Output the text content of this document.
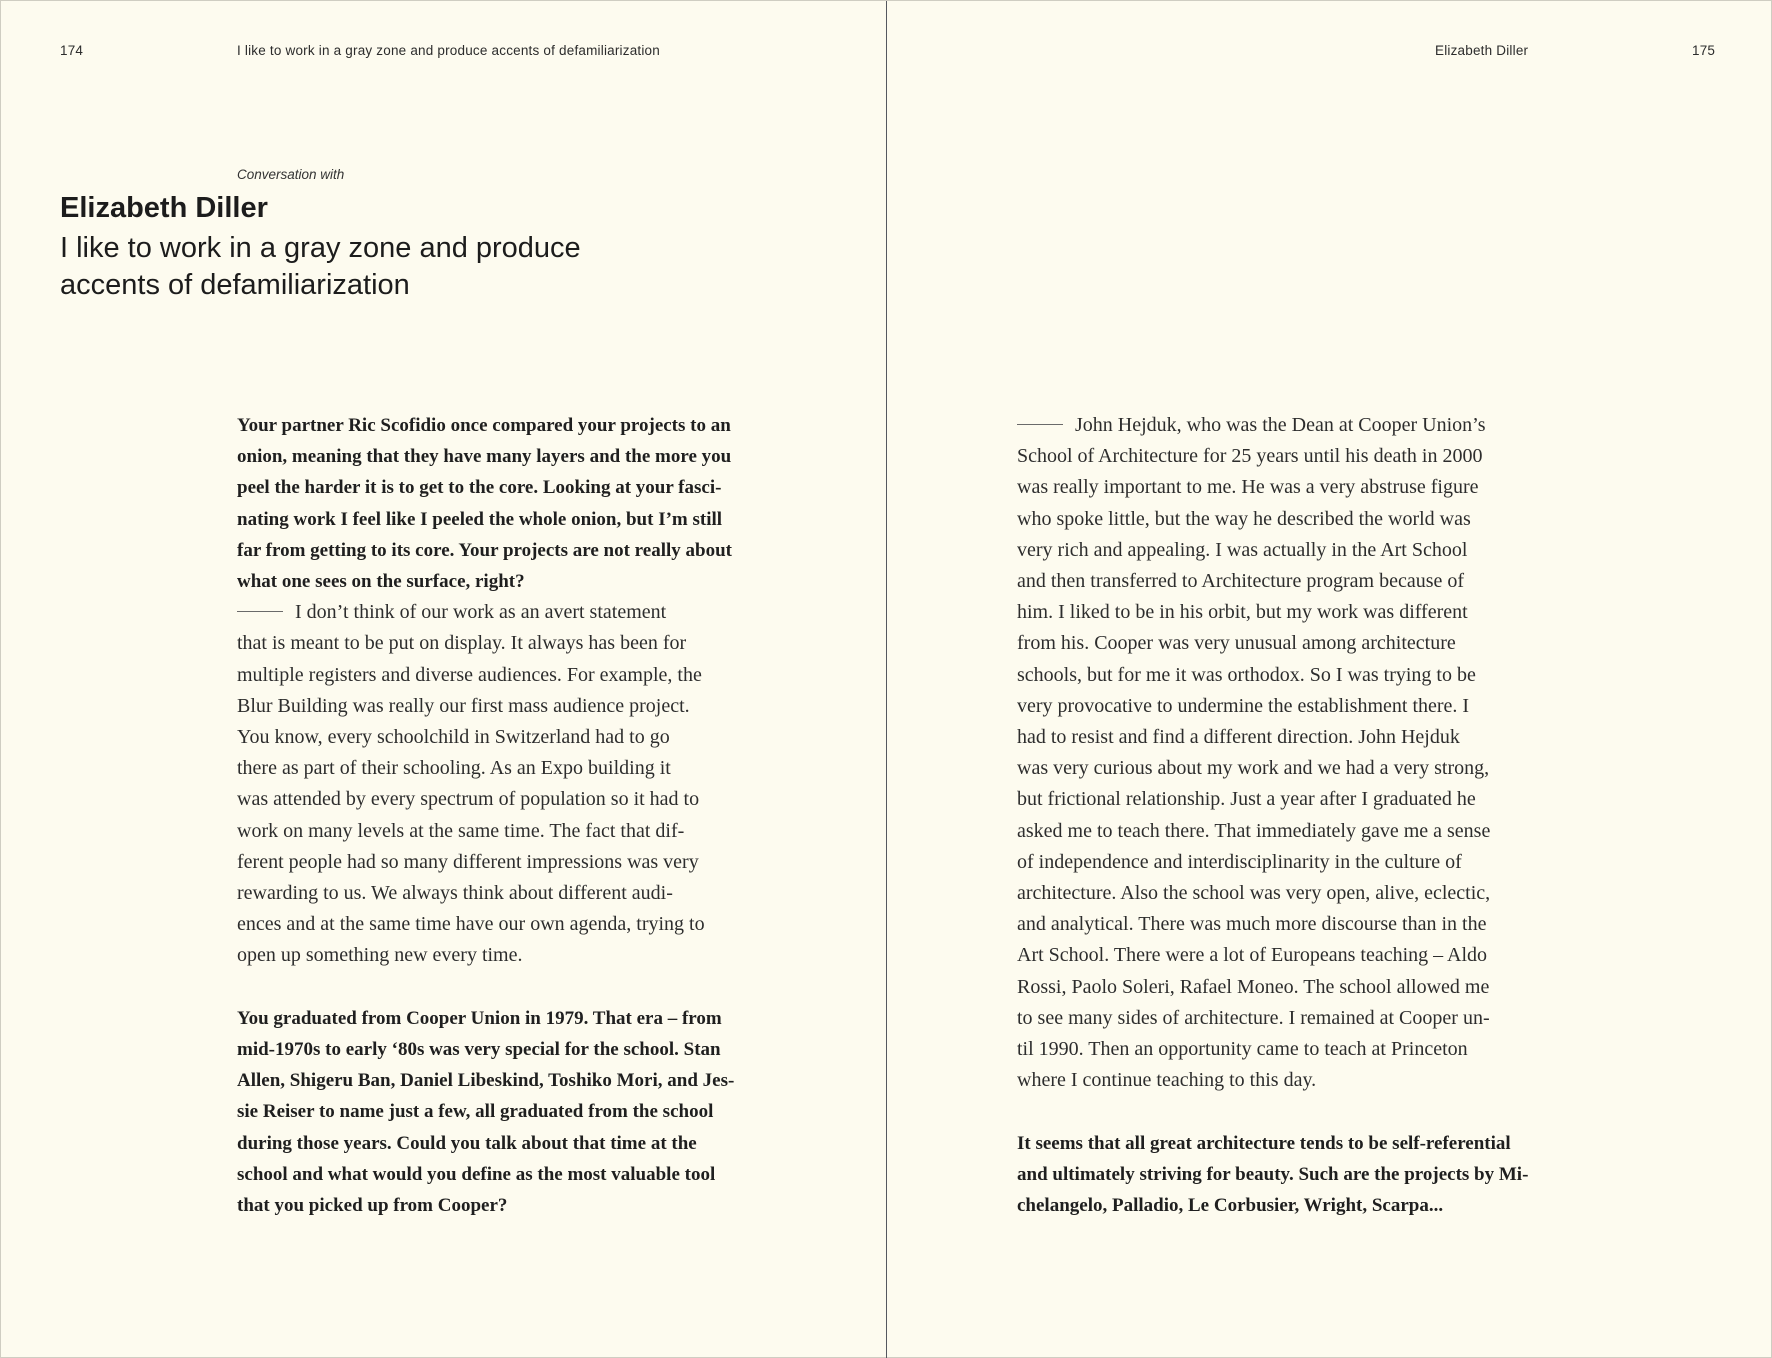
174	I like to work in a gray zone and produce accents of defamiliarization
Conversation with
Elizabeth Diller
I like to work in a gray zone and produce
accents of defamiliarization

Your partner Ric Scofidio once compared your projects to an
onion, meaning that they have many layers and the more you
peel the harder it is to get to the core. Looking at your fasci-
nating work I feel like I peeled the whole onion, but I’m still
far from getting to its core. Your projects are not really about
what one sees on the surface, right?

I don’t think of our work as an avert statement
that is meant to be put on display. It always has been for
multiple registers and diverse audiences. For example, the
Blur Building was really our first mass audience project.
You know, every schoolchild in Switzerland had to go
there as part of their schooling. As an Expo building it
was attended by every spectrum of population so it had to
work on many levels at the same time. The fact that dif-
ferent people had so many different impressions was very
rewarding to us. We always think about different audi-
ences and at the same time have our own agenda, trying to
open up something new every time.

You graduated from Cooper Union in 1979. That era – from
mid-1970s to early ‘80s was very special for the school. Stan
Allen, Shigeru Ban, Daniel Libeskind, Toshiko Mori, and Jes-
sie Reiser to name just a few, all graduated from the school
during those years. Could you talk about that time at the
school and what would you define as the most valuable tool
that you picked up from Cooper?

Elizabeth Diller	175

John Hejduk, who was the Dean at Cooper Union’s
School of Architecture for 25 years until his death in 2000
was really important to me. He was a very abstruse figure
who spoke little, but the way he described the world was
very rich and appealing. I was actually in the Art School
and then transferred to Architecture program because of
him. I liked to be in his orbit, but my work was different
from his. Cooper was very unusual among architecture
schools, but for me it was orthodox. So I was trying to be
very provocative to undermine the establishment there. I
had to resist and find a different direction. John Hejduk
was very curious about my work and we had a very strong,
but frictional relationship. Just a year after I graduated he
asked me to teach there. That immediately gave me a sense
of independence and interdisciplinarity in the culture of
architecture. Also the school was very open, alive, eclectic,
and analytical. There was much more discourse than in the
Art School. There were a lot of Europeans teaching – Aldo
Rossi, Paolo Soleri, Rafael Moneo. The school allowed me
to see many sides of architecture. I remained at Cooper un-
til 1990. Then an opportunity came to teach at Princeton
where I continue teaching to this day.

It seems that all great architecture tends to be self-referential
and ultimately striving for beauty. Such are the projects by Mi-
chelangelo, Palladio, Le Corbusier, Wright, Scarpa...
